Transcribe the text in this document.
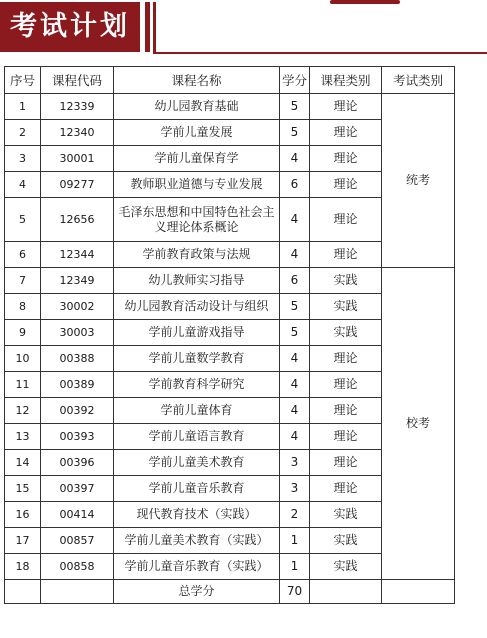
考试计划
序号	课程代码	课程名称	学分	课程类别	考试类别
1	12339	幼儿园教育基础	5	理论	统考
2	12340	学前儿童发展	5	理论	
3	30001	学前儿童保育学	4	理论	
4	09277	教师职业道德与专业发展	6	理论	
5	12656	毛泽东思想和中国特色社会主义理论体系概论	4	理论	
6	12344	学前教育政策与法规	4	理论	
7	12349	幼儿教师实习指导	6	实践	校考
8	30002	幼儿园教育活动设计与组织	5	实践	
9	30003	学前儿童游戏指导	5	实践	
10	00388	学前儿童数学教育	4	理论	
11	00389	学前教育科学研究	4	理论	
12	00392	学前儿童体育	4	理论	
13	00393	学前儿童语言教育	4	理论	
14	00396	学前儿童美术教育	3	理论	
15	00397	学前儿童音乐教育	3	理论	
16	00414	现代教育技术（实践）	2	实践	
17	00857	学前儿童美术教育（实践）	1	实践	
18	00858	学前儿童音乐教育（实践）	1	实践	
		总学分	70		
